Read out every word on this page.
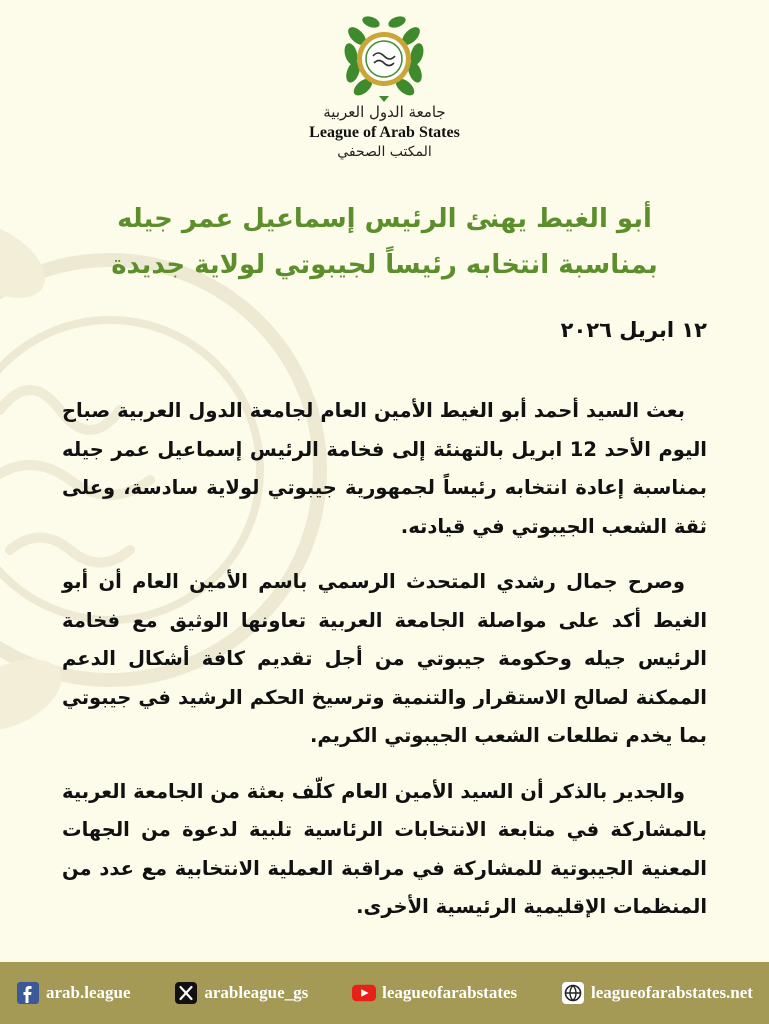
جامعة الدول العربية
League of Arab States
المكتب الصحفي
أبو الغيط يهنئ الرئيس إسماعيل عمر جيله
بمناسبة انتخابه رئيساً لجيبوتي لولاية جديدة
١٢ ابريل ٢٠٢٦

بعث السيد أحمد أبو الغيط الأمين العام لجامعة الدول العربية صباح اليوم الأحد 12 ابريل بالتهنئة إلى فخامة الرئيس إسماعيل عمر جيله بمناسبة إعادة انتخابه رئيساً لجمهورية جيبوتي لولاية سادسة، وعلى ثقة الشعب الجيبوتي في قيادته.

وصرح جمال رشدي المتحدث الرسمي باسم الأمين العام أن أبو الغيط أكد على مواصلة الجامعة العربية تعاونها الوثيق مع فخامة الرئيس جيله وحكومة جيبوتي من أجل تقديم كافة أشكال الدعم الممكنة لصالح الاستقرار والتنمية وترسيخ الحكم الرشيد في جيبوتي بما يخدم تطلعات الشعب الجيبوتي الكريم.

والجدير بالذكر أن السيد الأمين العام كلّف بعثة من الجامعة العربية بالمشاركة في متابعة الانتخابات الرئاسية تلبية لدعوة من الجهات المعنية الجيبوتية للمشاركة في مراقبة العملية الانتخابية مع عدد من المنظمات الإقليمية الرئيسية الأخرى.

arab.league	arableague_gs	leagueofarabstates	leagueofarabstates.net
